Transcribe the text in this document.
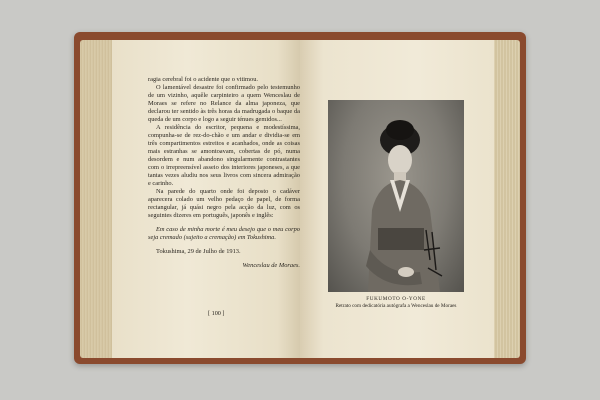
ragia cerebral foi o acidente que o vitimou.

O lamentável desastre foi confirmado pelo testemunho de um vizinho, aquêle carpinteiro a quem Wenceslau de Moraes se refere no Relance da alma japoneza, que declarou ter sentido às três horas da madrugada o baque da queda de um corpo e logo a seguir ténues gemidos...

A residência do escritor, pequena e modestíssima, compunha-se de rez-do-chão e um andar e dividia-se em três compartimentos estreitos e acanhados, onde as coisas mais estranhas se amontoavam, cobertas de pó, numa desordem e num abandono singularmente contrastantes com o irrepreensível asseio dos interiores japoneses, a que tantas vezes aludiu nos seus livros com sincera admiração e carinho.

Na parede do quarto onde foi deposto o cadáver aparecera colado um velho pedaço de papel, de forma rectangular, já quási negro pela acção da luz, com os seguintes dizeres em português, japonês e inglês:

Em caso de minha morte é meu desejo que o meu corpo seja cremado (sujeito a cremação) em Tokushima.

Tokushima, 29 de Julho de 1913.

Wenceslau de Moraes.

[ 100 ]
FUKUMOTO O-YONE
Retrato com dedicatória autógrafa a Wenceslau de Moraes
